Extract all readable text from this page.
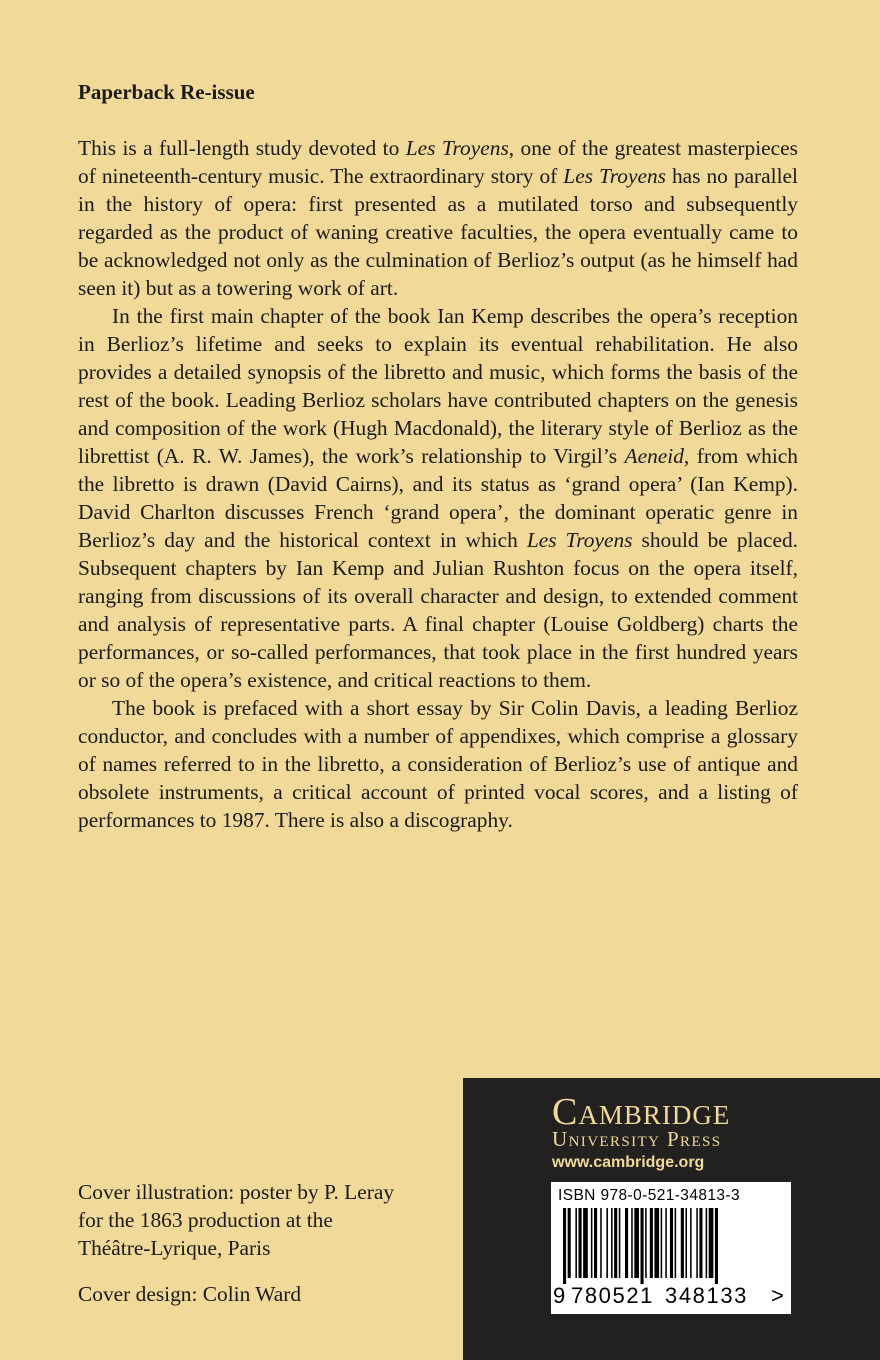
Paperback Re-issue

This is a full-length study devoted to Les Troyens, one of the greatest masterpieces of nineteenth-century music. The extraordinary story of Les Troyens has no parallel in the history of opera: first presented as a mutilated torso and subsequently regarded as the product of waning creative faculties, the opera eventually came to be acknowledged not only as the culmination of Berlioz’s output (as he himself had seen it) but as a towering work of art.

In the first main chapter of the book Ian Kemp describes the opera’s reception in Berlioz’s lifetime and seeks to explain its eventual rehabilitation. He also provides a detailed synopsis of the libretto and music, which forms the basis of the rest of the book. Leading Berlioz scholars have contributed chapters on the genesis and composition of the work (Hugh Macdonald), the literary style of Berlioz as the librettist (A. R. W. James), the work’s relationship to Virgil’s Aeneid, from which the libretto is drawn (David Cairns), and its status as ‘grand opera’ (Ian Kemp). David Charlton discusses French ‘grand opera’, the dominant operatic genre in Berlioz’s day and the historical context in which Les Troyens should be placed. Subsequent chapters by Ian Kemp and Julian Rushton focus on the opera itself, ranging from discussions of its overall character and design, to extended comment and analysis of representative parts. A final chapter (Louise Goldberg) charts the performances, or so-called performances, that took place in the first hundred years or so of the opera’s existence, and critical reactions to them.

The book is prefaced with a short essay by Sir Colin Davis, a leading Berlioz conductor, and concludes with a number of appendixes, which comprise a glossary of names referred to in the libretto, a consideration of Berlioz’s use of antique and obsolete instruments, a critical account of printed vocal scores, and a listing of performances to 1987. There is also a discography.

Cover illustration: poster by P. Leray
for the 1863 production at the
Théâtre-Lyrique, Paris

Cover design: Colin Ward

Cambridge

University Press

www.cambridge.org

ISBN 978-0-521-34813-3

9 780521 348133 >
